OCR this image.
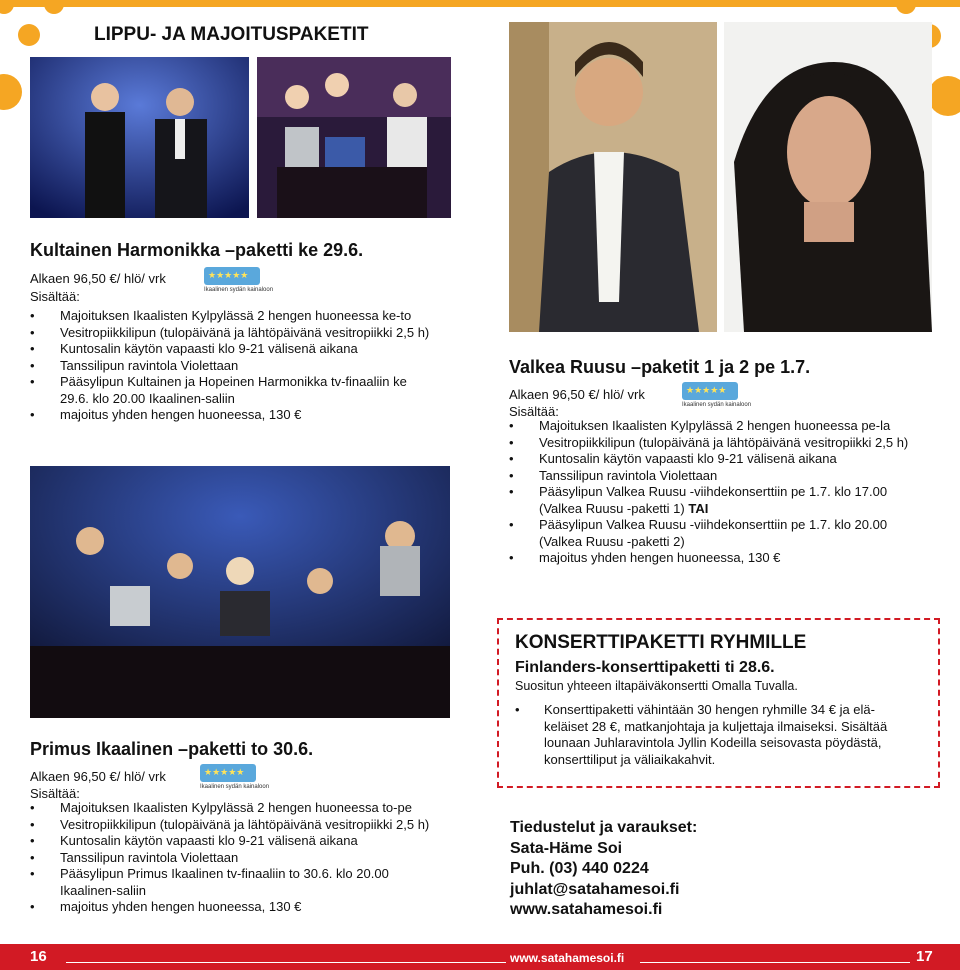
LIPPU- JA MAJOITUSPAKETIT
Kultainen Harmonikka –paketti ke 29.6.
Alkaen 96,50 €/ hlö/ vrk
Sisältää:
★★★★★
Ikaalinen sydän kainaloon
• Majoituksen Ikaalisten Kylpylässä 2 hengen huoneessa ke-to
• Vesitropiikkilipun (tulopäivänä ja lähtöpäivänä vesitropiikki 2,5 h)
• Kuntosalin käytön vapaasti klo 9-21 välisenä aikana
• Tanssilipun ravintola Violettaan
• Pääsylipun Kultainen ja Hopeinen Harmonikka tv-finaaliin ke
29.6. klo 20.00 Ikaalinen-saliin
• majoitus yhden hengen huoneessa, 130 €
Valkea Ruusu –paketit 1 ja 2 pe 1.7.
Alkaen 96,50 €/ hlö/ vrk
Sisältää:
★★★★★
Ikaalinen sydän kainaloon
• Majoituksen Ikaalisten Kylpylässä 2 hengen huoneessa pe-la
• Vesitropiikkilipun (tulopäivänä ja lähtöpäivänä vesitropiikki 2,5 h)
• Kuntosalin käytön vapaasti klo 9-21 välisenä aikana
• Tanssilipun ravintola Violettaan
• Pääsylipun Valkea Ruusu -viihdekonserttiin pe 1.7. klo 17.00
(Valkea Ruusu -paketti 1) TAI
• Pääsylipun Valkea Ruusu -viihdekonserttiin pe 1.7. klo 20.00
(Valkea Ruusu -paketti 2)
• majoitus yhden hengen huoneessa, 130 €
Primus Ikaalinen –paketti to 30.6.
Alkaen 96,50 €/ hlö/ vrk
Sisältää:
★★★★★
Ikaalinen sydän kainaloon
• Majoituksen Ikaalisten Kylpylässä 2 hengen huoneessa to-pe
• Vesitropiikkilipun (tulopäivänä ja lähtöpäivänä vesitropiikki 2,5 h)
• Kuntosalin käytön vapaasti klo 9-21 välisenä aikana
• Tanssilipun ravintola Violettaan
• Pääsylipun Primus Ikaalinen tv-finaaliin to 30.6. klo 20.00
Ikaalinen-saliin
• majoitus yhden hengen huoneessa, 130 €
KONSERTTIPAKETTI RYHMILLE
Finlanders-konserttipaketti ti 28.6.
Suositun yhteeen iltapäiväkonsertti Omalla Tuvalla.
• Konserttipaketti vähintään 30 hengen ryhmille 34 € ja elä-
keläiset 28 €, matkanjohtaja ja kuljettaja ilmaiseksi. Sisältää
lounaan Juhlaravintola Jyllin Kodeilla seisovasta pöydästä,
konserttiliput ja väliaikakahvit.
Tiedustelut ja varaukset:
Sata-Häme Soi
Puh. (03) 440 0224
juhlat@satahamesoi.fi
www.satahamesoi.fi
16	www.satahamesoi.fi	17
